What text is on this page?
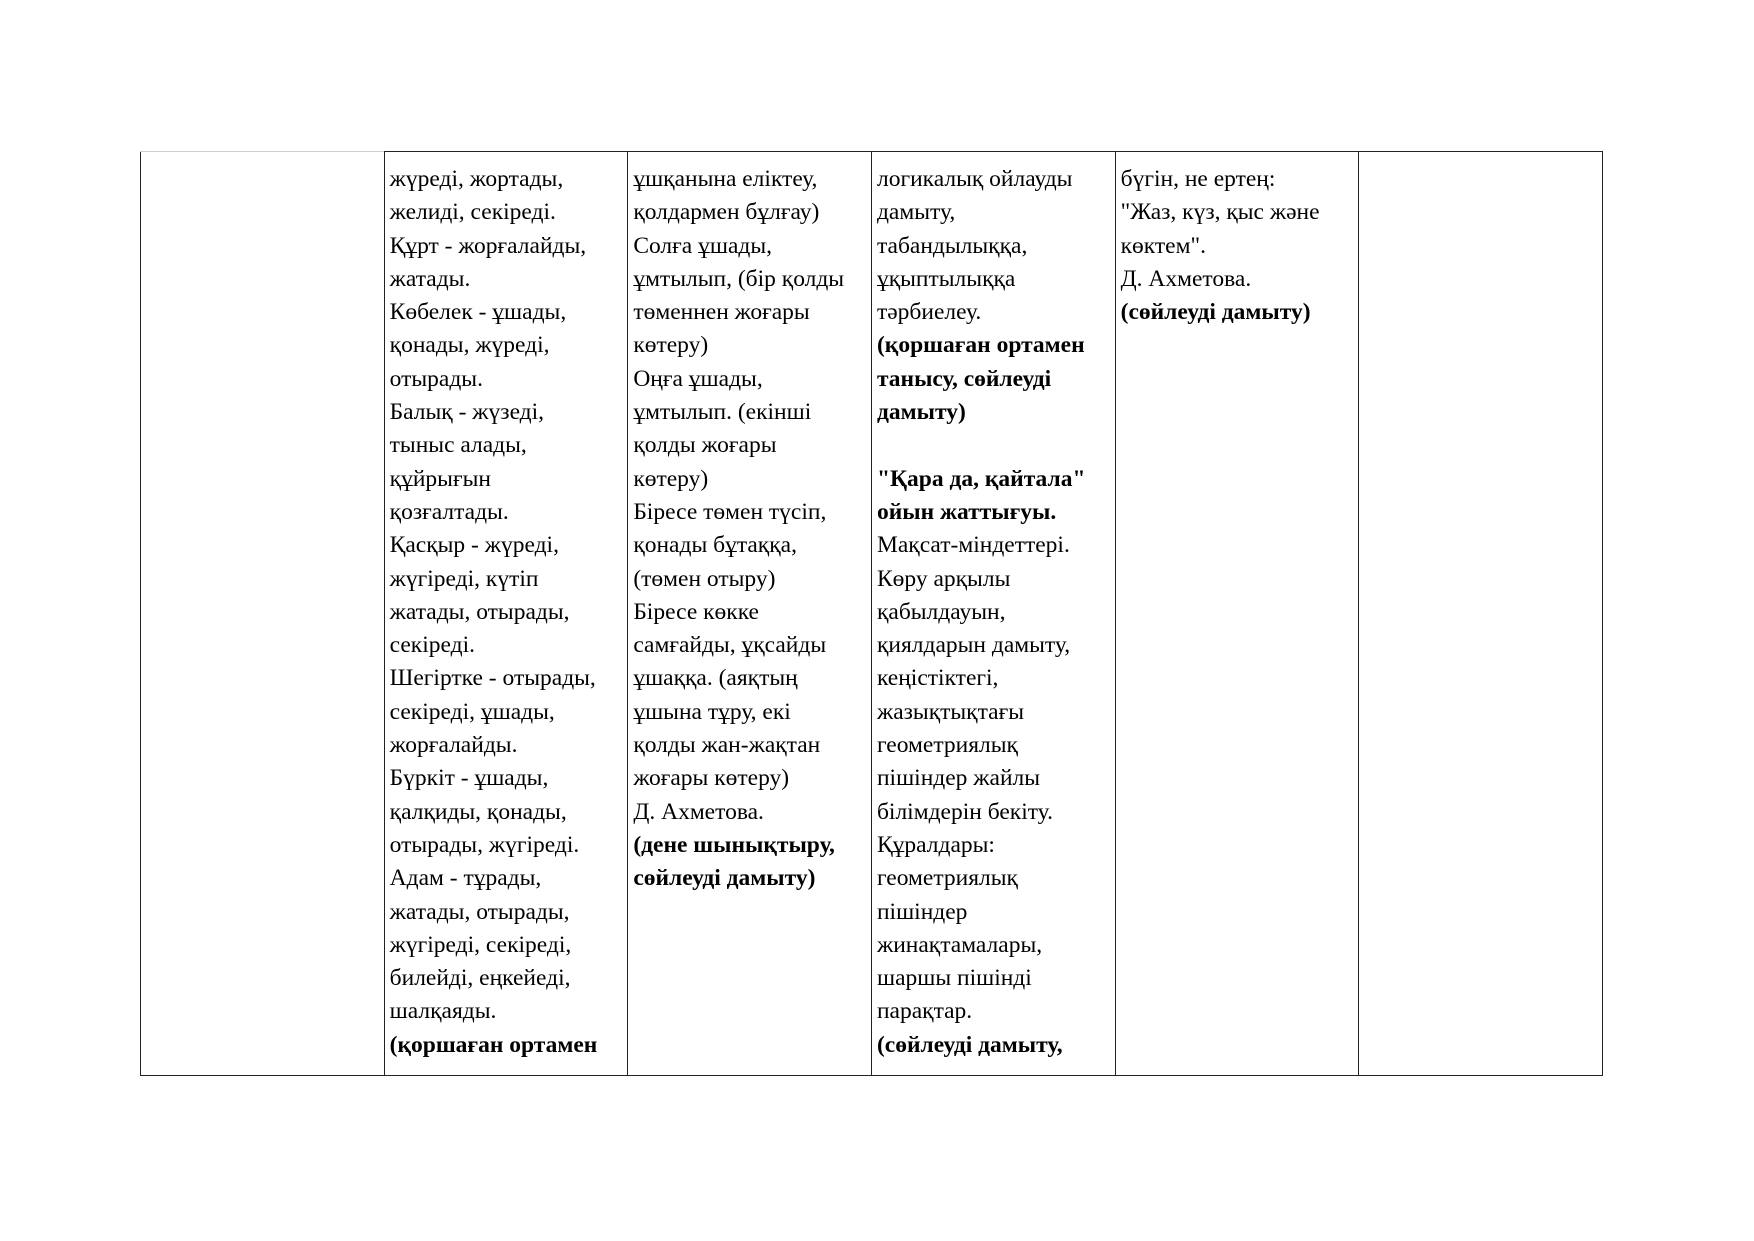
жүреді, жортады,
желиді, секіреді.
Құрт - жорғалайды,
жатады.
Көбелек - ұшады,
қонады, жүреді,
отырады.
Балық - жүзеді,
тыныс алады,
құйрығын
қозғалтады.
Қасқыр - жүреді,
жүгіреді, күтіп
жатады, отырады,
секіреді.
Шегіртке - отырады,
секіреді, ұшады,
жорғалайды.
Бүркіт - ұшады,
қалқиды, қонады,
отырады, жүгіреді.
Адам - тұрады,
жатады, отырады,
жүгіреді, секіреді,
билейді, еңкейеді,
шалқаяды.
(қоршаған ортамен

ұшқанына еліктеу,
қолдармен бұлғау)
Солға ұшады,
ұмтылып, (бір қолды
төменнен жоғары
көтеру)
Оңға ұшады,
ұмтылып. (екінші
қолды жоғары
көтеру)
Біресе төмен түсіп,
қонады бұтаққа,
(төмен отыру)
Біресе көкке
самғайды, ұқсайды
ұшаққа. (аяқтың
ұшына тұру, екі
қолды жан-жақтан
жоғары көтеру)
Д. Ахметова.
(дене шынықтыру,
сөйлеуді дамыту)

логикалық ойлауды
дамыту,
табандылыққа,
ұқыптылыққа
тәрбиелеу.
(қоршаған ортамен
танысу, сөйлеуді
дамыту)
"Қара да, қайтала"
ойын жаттығуы.
Мақсат-міндеттері.
Көру арқылы
қабылдауын,
қиялдарын дамыту,
кеңістіктегі,
жазықтықтағы
геометриялық
пішіндер жайлы
білімдерін бекіту.
Құралдары:
геометриялық
пішіндер
жинақтамалары,
шаршы пішінді
парақтар.
(сөйлеуді дамыту,

бүгін, не ертең:
"Жаз, күз, қыс және
көктем".
Д. Ахметова.
(сөйлеуді дамыту)
